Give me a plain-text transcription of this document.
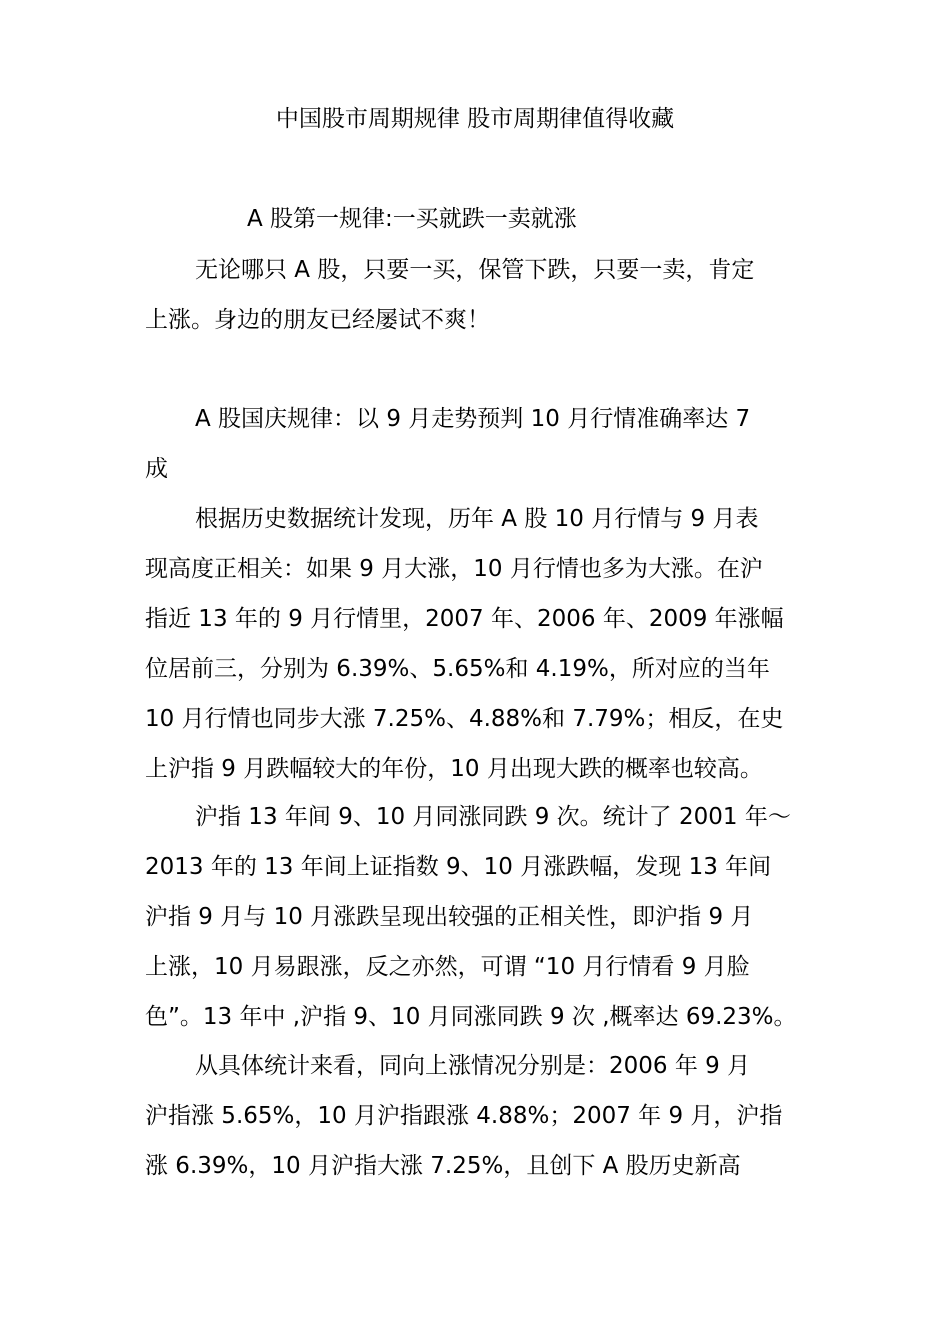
中国股市周期规律 股市周期律值得收藏
A 股第一规律:一买就跌一卖就涨
无论哪只 A 股，只要一买，保管下跌，只要一卖，肯定
上涨。身边的朋友已经屡试不爽！
A 股国庆规律：以 9 月走势预判 10 月行情准确率达 7
成
根据历史数据统计发现，历年 A 股 10 月行情与 9 月表
现高度正相关：如果 9 月大涨，10 月行情也多为大涨。在沪
指近 13 年的 9 月行情里，2007 年、2006 年、2009 年涨幅
位居前三，分别为 6.39%、5.65%和 4.19%，所对应的当年
10 月行情也同步大涨 7.25%、4.88%和 7.79%；相反，在史
上沪指 9 月跌幅较大的年份，10 月出现大跌的概率也较高。
沪指 13 年间 9、10 月同涨同跌 9 次。统计了 2001 年～
2013 年的 13 年间上证指数 9、10 月涨跌幅，发现 13 年间
沪指 9 月与 10 月涨跌呈现出较强的正相关性，即沪指 9 月
上涨，10 月易跟涨，反之亦然，可谓 “10 月行情看 9 月脸
色”。13 年中 ,沪指 9、10 月同涨同跌 9 次 ,概率达 69.23%。
从具体统计来看，同向上涨情况分别是：2006 年 9 月
沪指涨 5.65%，10 月沪指跟涨 4.88%；2007 年 9 月，沪指
涨 6.39%，10 月沪指大涨 7.25%，且创下 A 股历史新高
